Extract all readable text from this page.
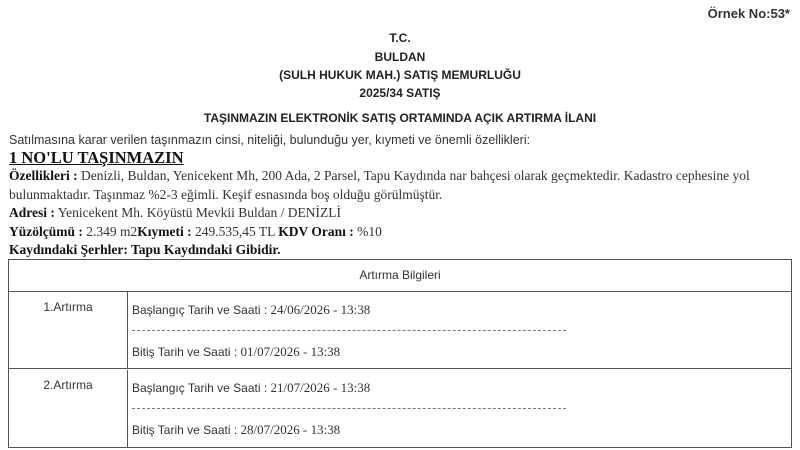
Örnek No:53*
T.C.
BULDAN
(SULH HUKUK MAH.) SATIŞ MEMURLUĞU
2025/34 SATIŞ
TAŞINMAZIN ELEKTRONİK SATIŞ ORTAMINDA AÇIK ARTIRMA İLANI
Satılmasına karar verilen taşınmazın cinsi, niteliği, bulunduğu yer, kıymeti ve önemli özellikleri:
1 NO'LU TAŞINMAZIN
Özellikleri : Denizli, Buldan, Yenicekent Mh, 200 Ada, 2 Parsel, Tapu Kaydında nar bahçesi olarak geçmektedir. Kadastro cephesine yol bulunmaktadır. Taşınmaz %2-3 eğimli. Keşif esnasında boş olduğu görülmüştür.
Adresi : Yenicekent Mh. Köyüstü Mevkii Buldan / DENİZLİ
Yüzölçümü : 2.349 m2Kıymeti : 249.535,45 TL KDV Oranı : %10
Kaydındaki Şerhler: Tapu Kaydındaki Gibidir.
Artırma Bilgileri
1.Artırma	Başlangıç Tarih ve Saati : 24/06/2026 - 13:38
Bitiş Tarih ve Saati : 01/07/2026 - 13:38
2.Artırma	Başlangıç Tarih ve Saati : 21/07/2026 - 13:38
Bitiş Tarih ve Saati : 28/07/2026 - 13:38
